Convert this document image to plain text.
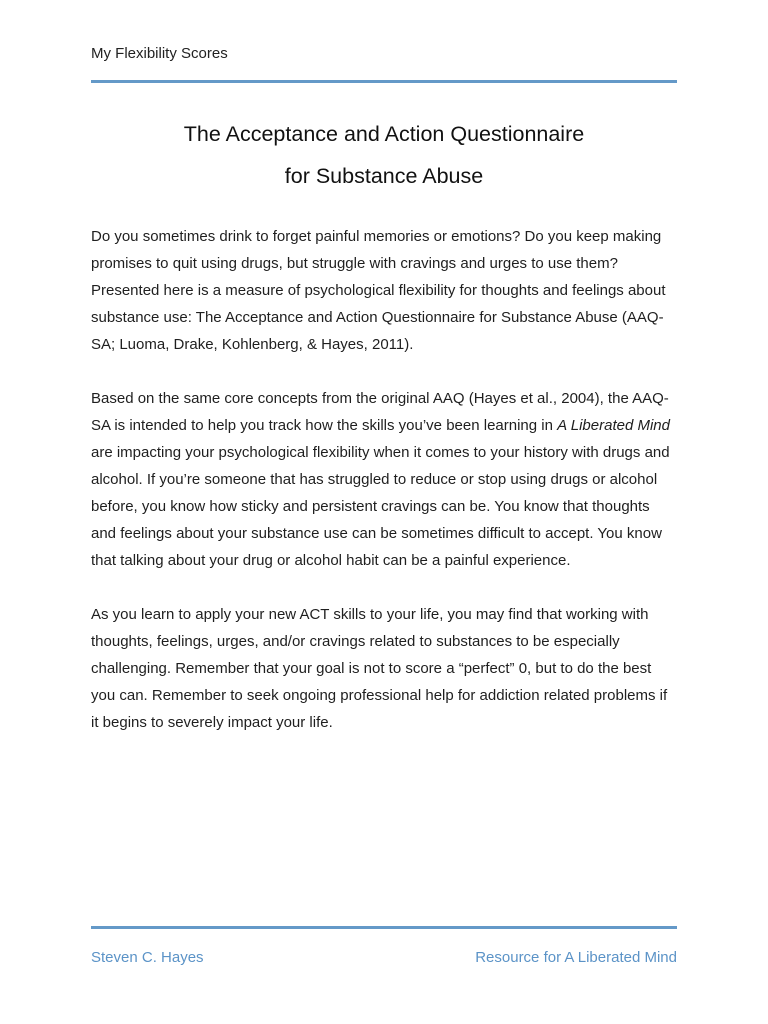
My Flexibility Scores
The Acceptance and Action Questionnaire
for Substance Abuse

Do you sometimes drink to forget painful memories or emotions? Do you keep making
promises to quit using drugs, but struggle with cravings and urges to use them?
Presented here is a measure of psychological flexibility for thoughts and feelings about
substance use: The Acceptance and Action Questionnaire for Substance Abuse (AAQ-
SA; Luoma, Drake, Kohlenberg, & Hayes, 2011).

Based on the same core concepts from the original AAQ (Hayes et al., 2004), the AAQ-
SA is intended to help you track how the skills you’ve been learning in A Liberated Mind
are impacting your psychological flexibility when it comes to your history with drugs and
alcohol. If you’re someone that has struggled to reduce or stop using drugs or alcohol
before, you know how sticky and persistent cravings can be. You know that thoughts
and feelings about your substance use can be sometimes difficult to accept. You know
that talking about your drug or alcohol habit can be a painful experience.

As you learn to apply your new ACT skills to your life, you may find that working with
thoughts, feelings, urges, and/or cravings related to substances to be especially
challenging. Remember that your goal is not to score a “perfect” 0, but to do the best
you can. Remember to seek ongoing professional help for addiction related problems if
it begins to severely impact your life.

Steven C. Hayes	Resource for A Liberated Mind
